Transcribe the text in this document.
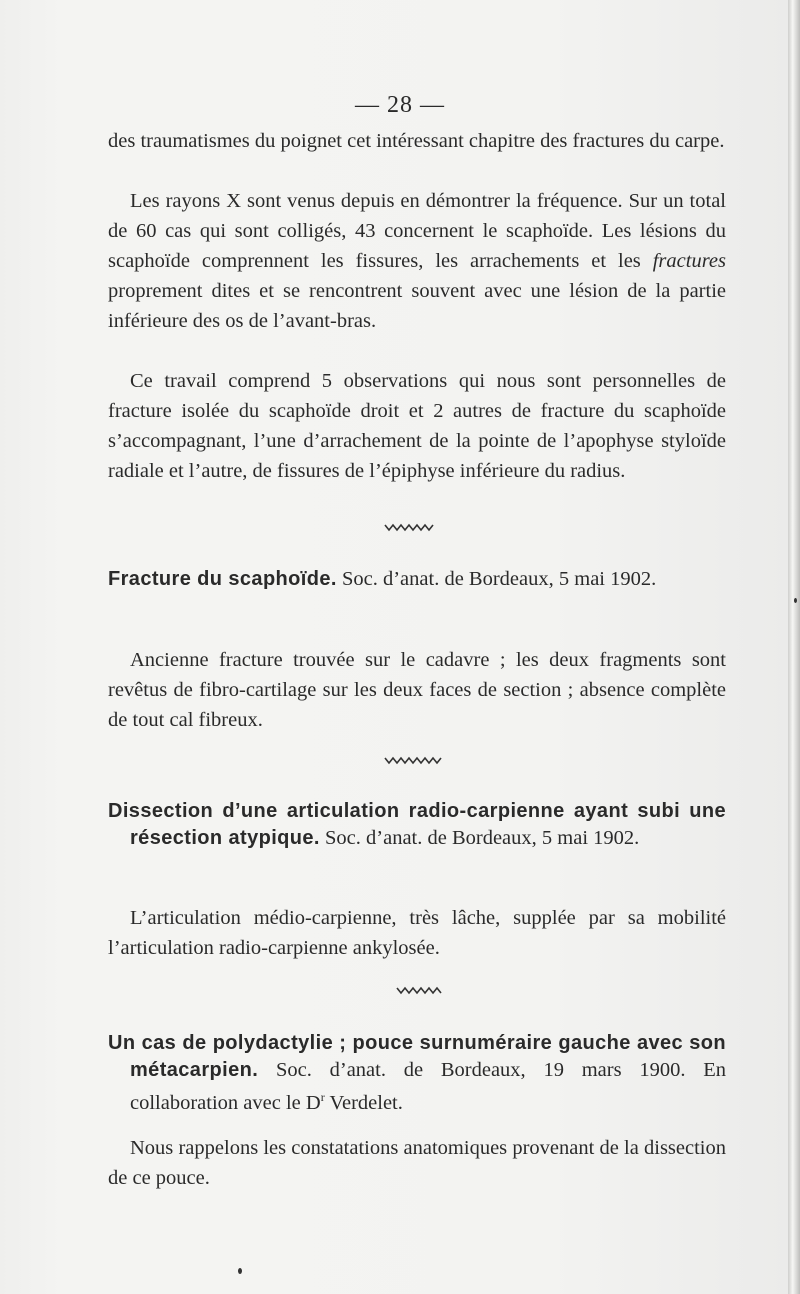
— 28 —

des traumatismes du poignet cet intéressant chapitre des fractures du carpe.

Les rayons X sont venus depuis en démontrer la fréquence. Sur un total de 60 cas qui sont colligés, 43 concernent le scaphoïde. Les lésions du scaphoïde comprennent les fissures, les arrachements et les fractures proprement dites et se rencontrent souvent avec une lésion de la partie inférieure des os de l’avant-bras.

Ce travail comprend 5 observations qui nous sont personnelles de fracture isolée du scaphoïde droit et 2 autres de fracture du scaphoïde s’accompagnant, l’une d’arrachement de la pointe de l’apophyse styloïde radiale et l’autre, de fissures de l’épiphyse inférieure du radius.

Fracture du scaphoïde. Soc. d’anat. de Bordeaux, 5 mai 1902.

Ancienne fracture trouvée sur le cadavre ; les deux fragments sont revêtus de fibro-cartilage sur les deux faces de section ; absence complète de tout cal fibreux.

Dissection d’une articulation radio-carpienne ayant subi une résection atypique. Soc. d’anat. de Bordeaux, 5 mai 1902.

L’articulation médio-carpienne, très lâche, supplée par sa mobilité l’articulation radio-carpienne ankylosée.

Un cas de polydactylie ; pouce surnuméraire gauche avec son métacarpien. Soc. d’anat. de Bordeaux, 19 mars 1900. En collaboration avec le $D^r$ Verdelet.

Nous rappelons les constatations anatomiques provenant de la dissection de ce pouce.
